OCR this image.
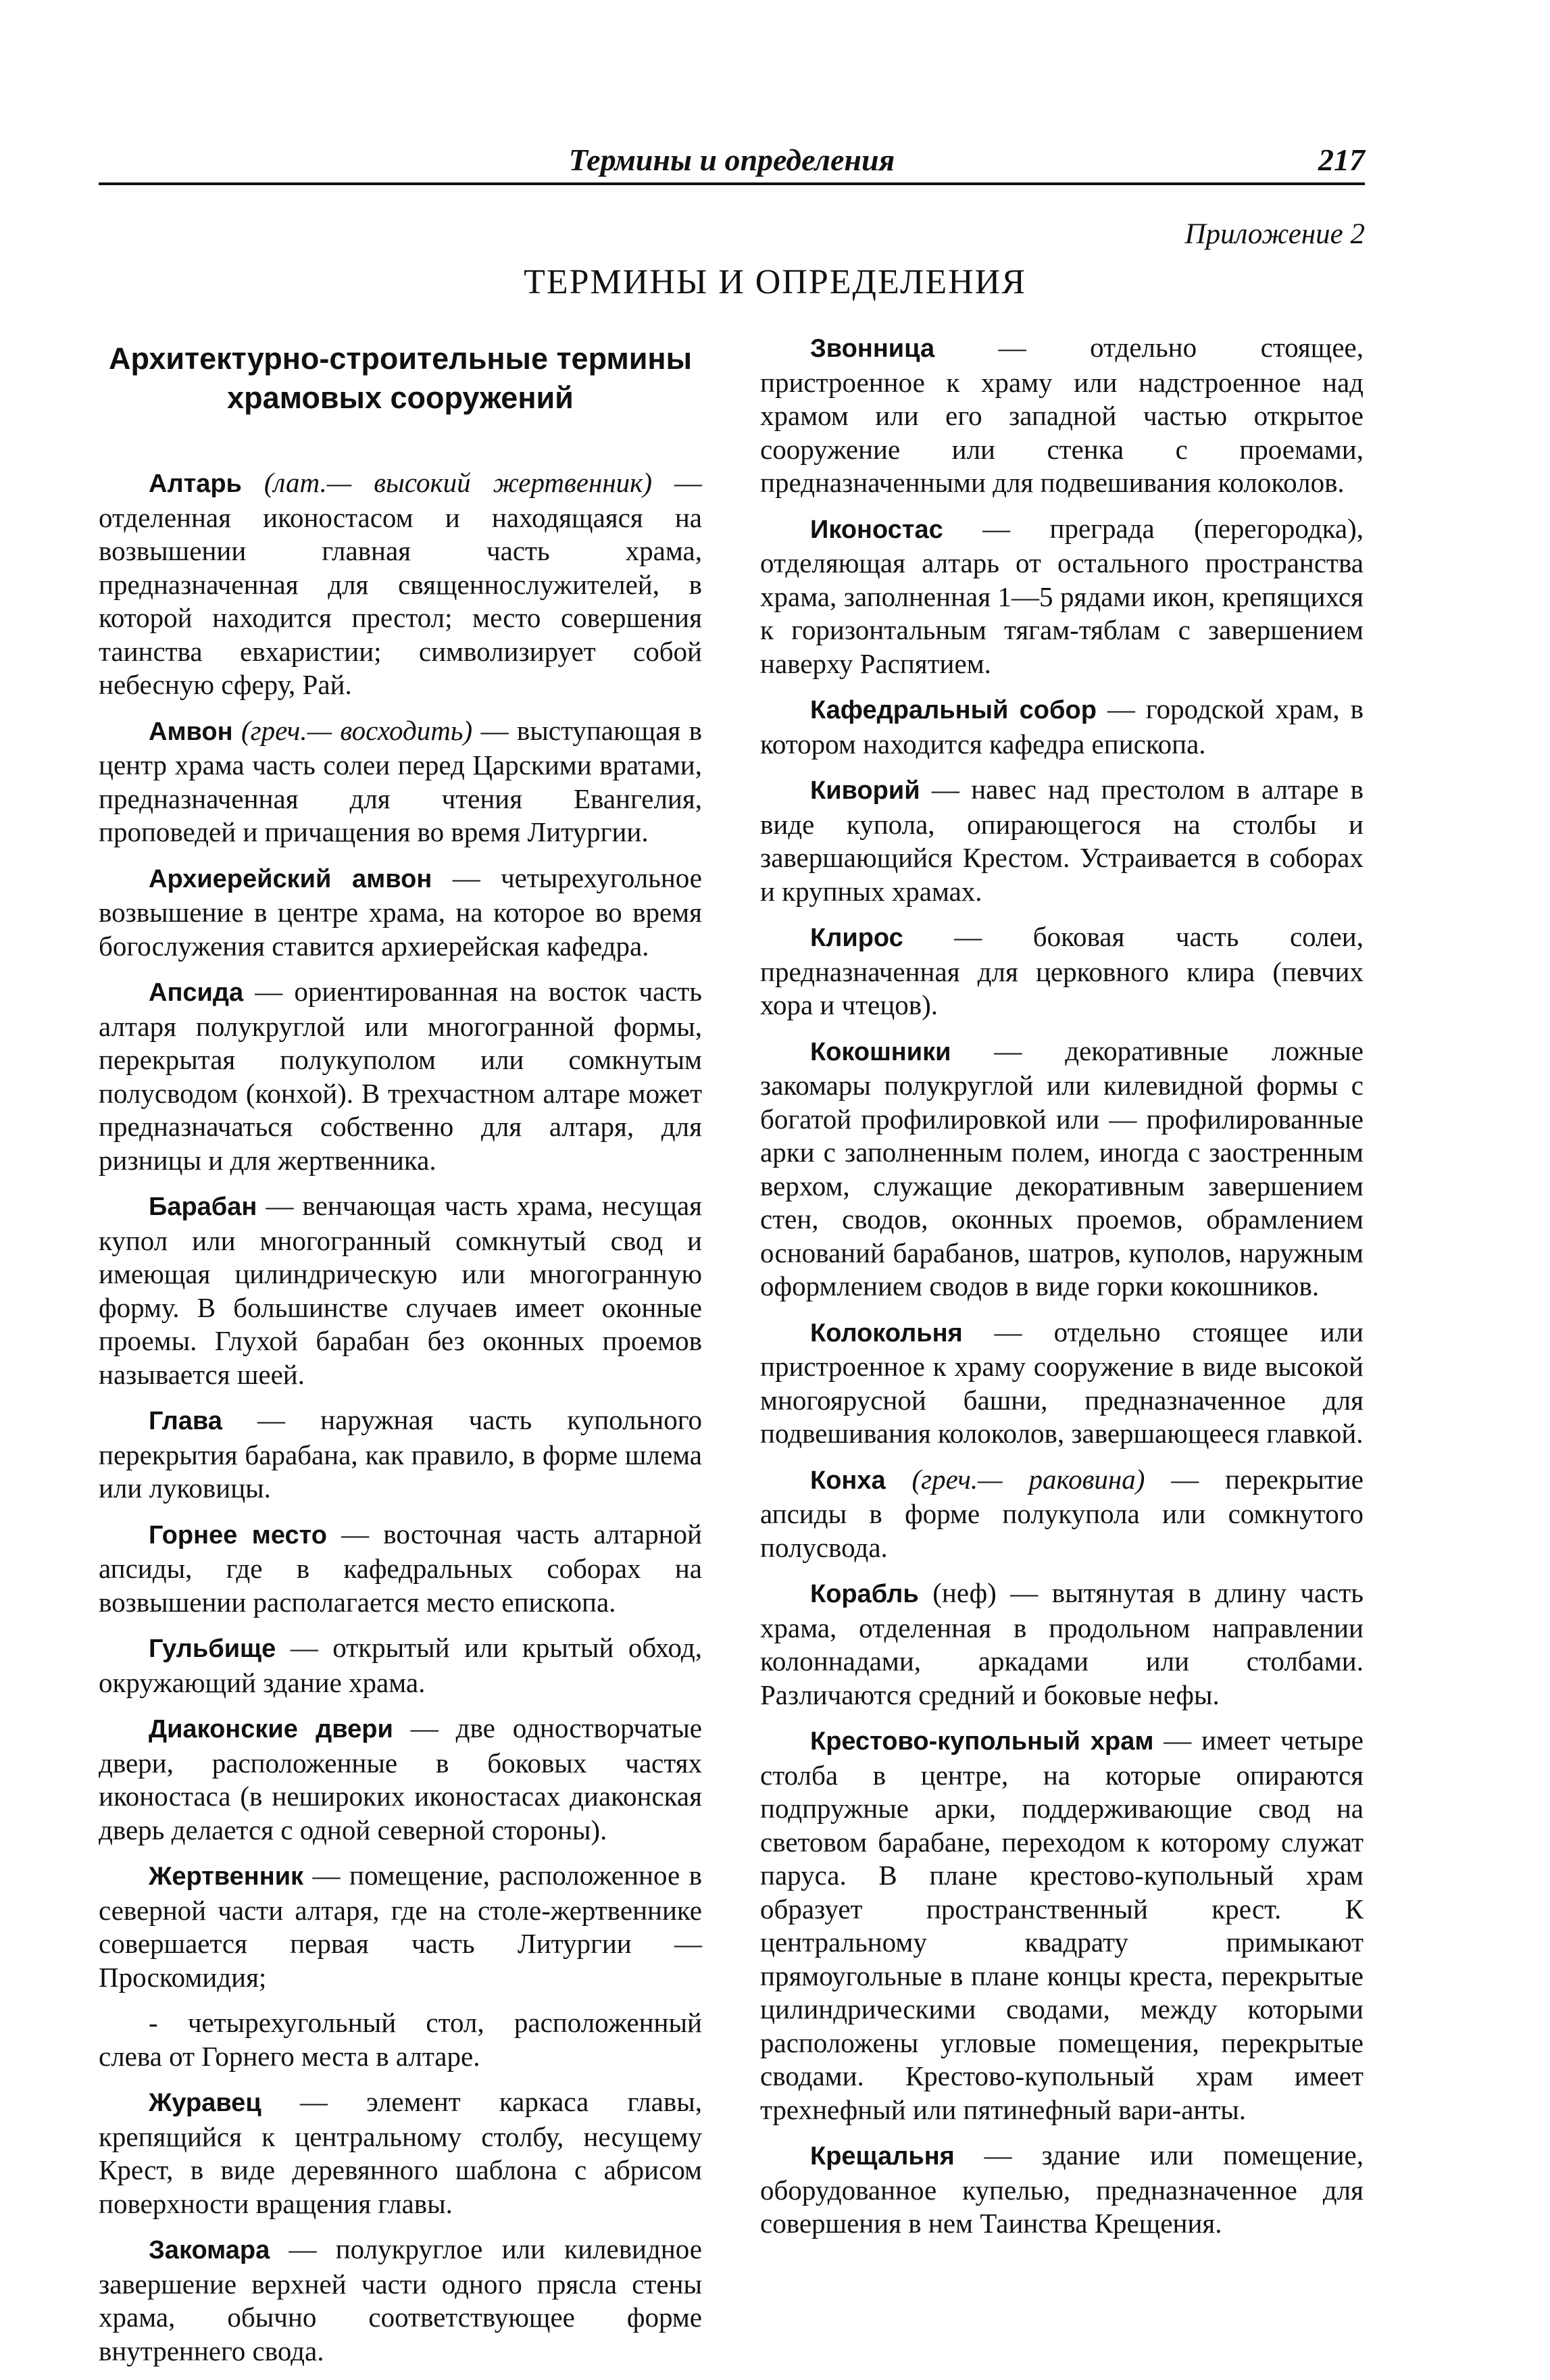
Термины и определения	217
Приложение 2
ТЕРМИНЫ И ОПРЕДЕЛЕНИЯ
Архитектурно-строительные термины храмовых сооружений

Алтарь (лат.— высокий жертвенник) — отделенная иконостасом и находящаяся на возвышении главная часть храма, предназначенная для священнослужителей, в которой находится престол; место совершения таинства евхаристии; символизирует собой небесную сферу, Рай.

Амвон (греч.— восходить) — выступающая в центр храма часть солеи перед Царскими вратами, предназначенная для чтения Евангелия, проповедей и причащения во время Литургии.

Архиерейский амвон — четырехугольное возвышение в центре храма, на которое во время богослужения ставится архиерейская кафедра.

Апсида — ориентированная на восток часть алтаря полукруглой или многогранной формы, перекрытая полукуполом или сомкнутым полусводом (конхой). В трехчастном алтаре может предназначаться собственно для алтаря, для ризницы и для жертвенника.

Барабан — венчающая часть храма, несущая купол или многогранный сомкнутый свод и имеющая цилиндрическую или многогранную форму. В большинстве случаев имеет оконные проемы. Глухой барабан без оконных проемов называется шеей.

Глава — наружная часть купольного перекрытия барабана, как правило, в форме шлема или луковицы.

Горнее место — восточная часть алтарной апсиды, где в кафедральных соборах на возвышении располагается место епископа.

Гульбище — открытый или крытый обход, окружающий здание храма.

Диаконские двери — две одностворчатые двери, расположенные в боковых частях иконостаса (в нешироких иконостасах диаконская дверь делается с одной северной стороны).

Жертвенник — помещение, расположенное в северной части алтаря, где на столе-жертвеннике совершается первая часть Литургии — Проскомидия;

- четырехугольный стол, расположенный слева от Горнего места в алтаре.

Журавец — элемент каркаса главы, крепящийся к центральному столбу, несущему Крест, в виде деревянного шаблона с абрисом поверхности вращения главы.

Закомара — полукруглое или килевидное завершение верхней части одного прясла стены храма, обычно соответствующее форме внутреннего свода.

Звонница — отдельно стоящее, пристроенное к храму или надстроенное над храмом или его западной частью открытое сооружение или стенка с проемами, предназначенными для подвешивания колоколов.

Иконостас — преграда (перегородка), отделяющая алтарь от остального пространства храма, заполненная 1—5 рядами икон, крепящихся к горизонтальным тягам-тяблам с завершением наверху Распятием.

Кафедральный собор — городской храм, в котором находится кафедра епископа.

Киворий — навес над престолом в алтаре в виде купола, опирающегося на столбы и завершающийся Крестом. Устраивается в соборах и крупных храмах.

Клирос — боковая часть солеи, предназначенная для церковного клира (певчих хора и чтецов).

Кокошники — декоративные ложные закомары полукруглой или килевидной формы с богатой профилировкой или — профилированные арки с заполненным полем, иногда с заостренным верхом, служащие декоративным завершением стен, сводов, оконных проемов, обрамлением оснований барабанов, шатров, куполов, наружным оформлением сводов в виде горки кокошников.

Колокольня — отдельно стоящее или пристроенное к храму сооружение в виде высокой многоярусной башни, предназначенное для подвешивания колоколов, завершающееся главкой.

Конха (греч.— раковина) — перекрытие апсиды в форме полукупола или сомкнутого полусвода.

Корабль (неф) — вытянутая в длину часть храма, отделенная в продольном направлении колоннадами, аркадами или столбами. Различаются средний и боковые нефы.

Крестово-купольный храм — имеет четыре столба в центре, на которые опираются подпружные арки, поддерживающие свод на световом барабане, переходом к которому служат паруса. В плане крестово-купольный храм образует пространственный крест. К центральному квадрату примыкают прямоугольные в плане концы креста, перекрытые цилиндрическими сводами, между которыми расположены угловые помещения, перекрытые сводами. Крестово-купольный храм имеет трехнефный или пятинефный вари-анты.

Крещальня — здание или помещение, оборудованное купелью, предназначенное для совершения в нем Таинства Крещения.
